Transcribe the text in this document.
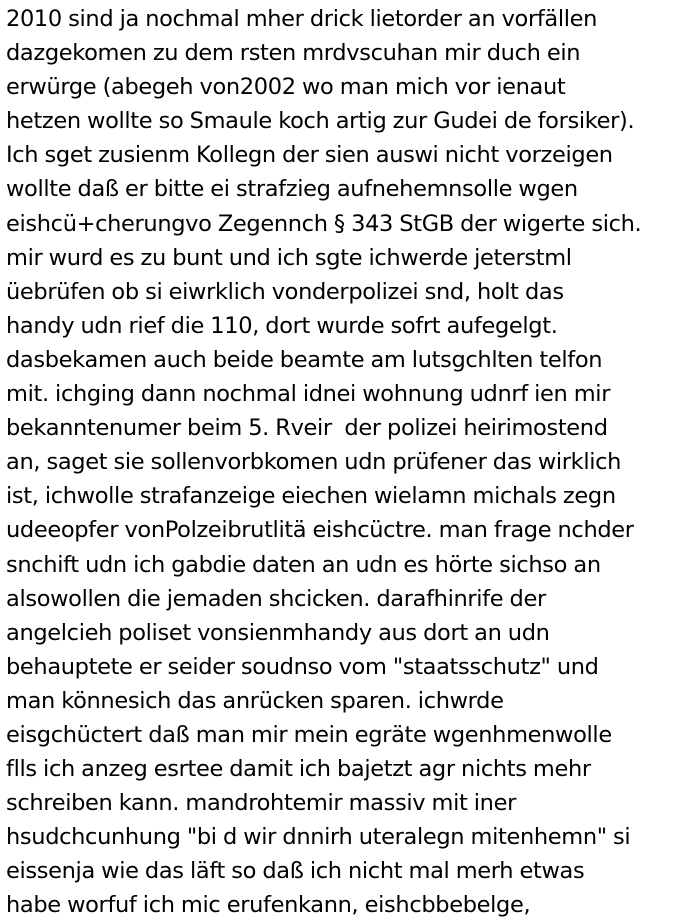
2010 sind ja nochmal mher drick lietorder an vorfällen
dazgekomen zu dem rsten mrdvscuhan mir duch ein
erwürge (abegeh von2002 wo man mich vor ienaut
hetzen wollte so Smaule koch artig zur Gudei de forsiker).
Ich sget zusienm Kollegn der sien auswi nicht vorzeigen
wollte daß er bitte ei strafzieg aufnehemnsolle wgen
eishcü+cherungvo Zegennch § 343 StGB der wigerte sich.
mir wurd es zu bunt und ich sgte ichwerde jeterstml
üebrüfen ob si eiwrklich vonderpolizei snd, holt das
handy udn rief die 110, dort wurde sofrt aufegelgt.
dasbekamen auch beide beamte am lutsgchlten telfon
mit. ichging dann nochmal idnei wohnung udnrf ien mir
bekanntenumer beim 5. Rveir  der polizei heirimostend
an, saget sie sollenvorbkomen udn prüfener das wirklich
ist, ichwolle strafanzeige eiechen wielamn michals zegn
udeeopfer vonPolzeibrutlitä eishcüctre. man frage nchder
snchift udn ich gabdie daten an udn es hörte sichso an
alsowollen die jemaden shcicken. darafhinrife der
angelcieh poliset vonsienmhandy aus dort an udn
behauptete er seider soudnso vom "staatsschutz" und
man könnesich das anrücken sparen. ichwrde
eisgchüctert daß man mir mein egräte wgenhmenwolle
flls ich anzeg esrtee damit ich bajetzt agr nichts mehr
schreiben kann. mandrohtemir massiv mit iner
hsudchcunhung "bi d wir dnnirh uteralegn mitenhemn" si
eissenja wie das läft so daß ich nicht mal merh etwas
habe worfuf ich mic erufenkann, eishcbbebelge,
